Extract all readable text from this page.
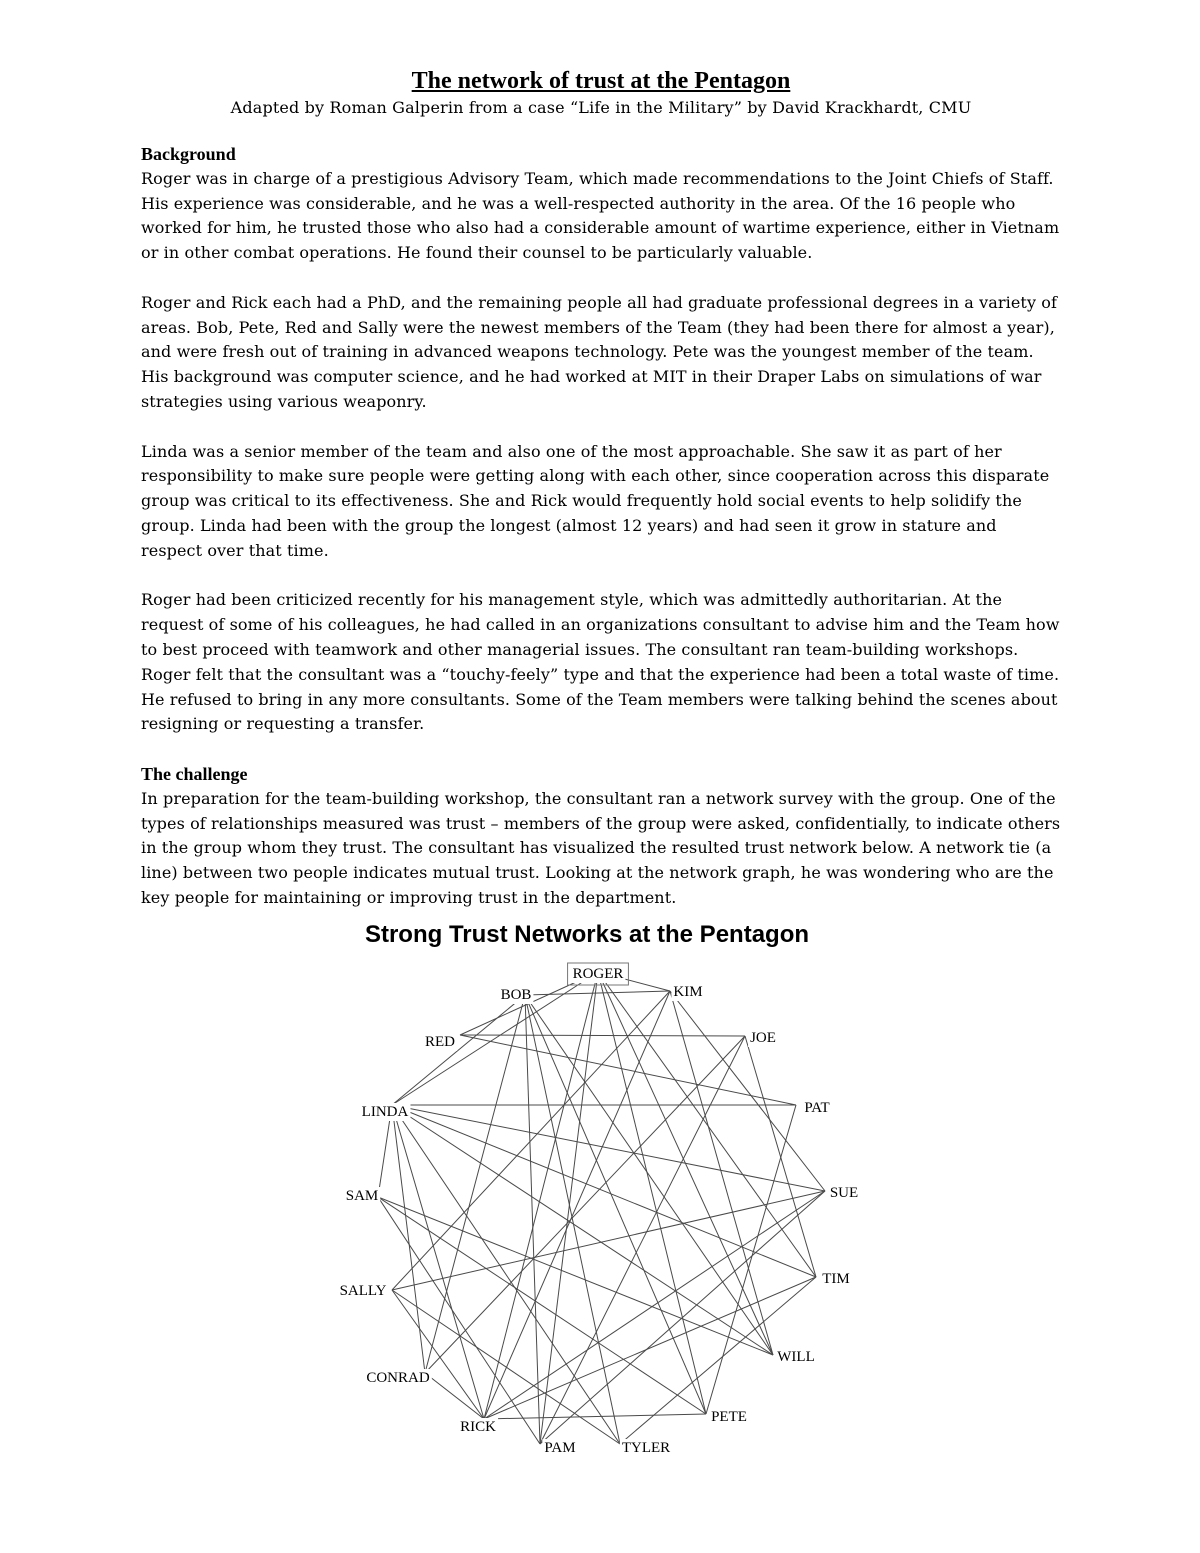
The network of trust at the Pentagon

Adapted by Roman Galperin from a case “Life in the Military” by David Krackhardt, CMU

Background

Roger was in charge of a prestigious Advisory Team, which made recommendations to the Joint Chiefs of Staff. His experience was considerable, and he was a well-respected authority in the area. Of the 16 people who worked for him, he trusted those who also had a considerable amount of wartime experience, either in Vietnam or in other combat operations. He found their counsel to be particularly valuable.

Roger and Rick each had a PhD, and the remaining people all had graduate professional degrees in a variety of areas. Bob, Pete, Red and Sally were the newest members of the Team (they had been there for almost a year), and were fresh out of training in advanced weapons technology. Pete was the youngest member of the team. His background was computer science, and he had worked at MIT in their Draper Labs on simulations of war strategies using various weaponry.

Linda was a senior member of the team and also one of the most approachable. She saw it as part of her responsibility to make sure people were getting along with each other, since cooperation across this disparate group was critical to its effectiveness. She and Rick would frequently hold social events to help solidify the group. Linda had been with the group the longest (almost 12 years) and had seen it grow in stature and respect over that time.

Roger had been criticized recently for his management style, which was admittedly authoritarian. At the request of some of his colleagues, he had called in an organizations consultant to advise him and the Team how to best proceed with teamwork and other managerial issues. The consultant ran team-building workshops. Roger felt that the consultant was a “touchy-feely” type and that the experience had been a total waste of time. He refused to bring in any more consultants. Some of the Team members were talking behind the scenes about resigning or requesting a transfer.

The challenge

In preparation for the team-building workshop, the consultant ran a network survey with the group. One of the types of relationships measured was trust – members of the group were asked, confidentially, to indicate others in the group whom they trust. The consultant has visualized the resulted trust network below. A network tie (a line) between two people indicates mutual trust. Looking at the network graph, he was wondering who are the key people for maintaining or improving trust in the department.

Strong Trust Networks at the Pentagon
ROGER
KIM
JOE
PAT
SUE
TIM
WILL
PETE
TYLER
PAM
RICK
CONRAD
SALLY
SAM
LINDA
RED
BOB
